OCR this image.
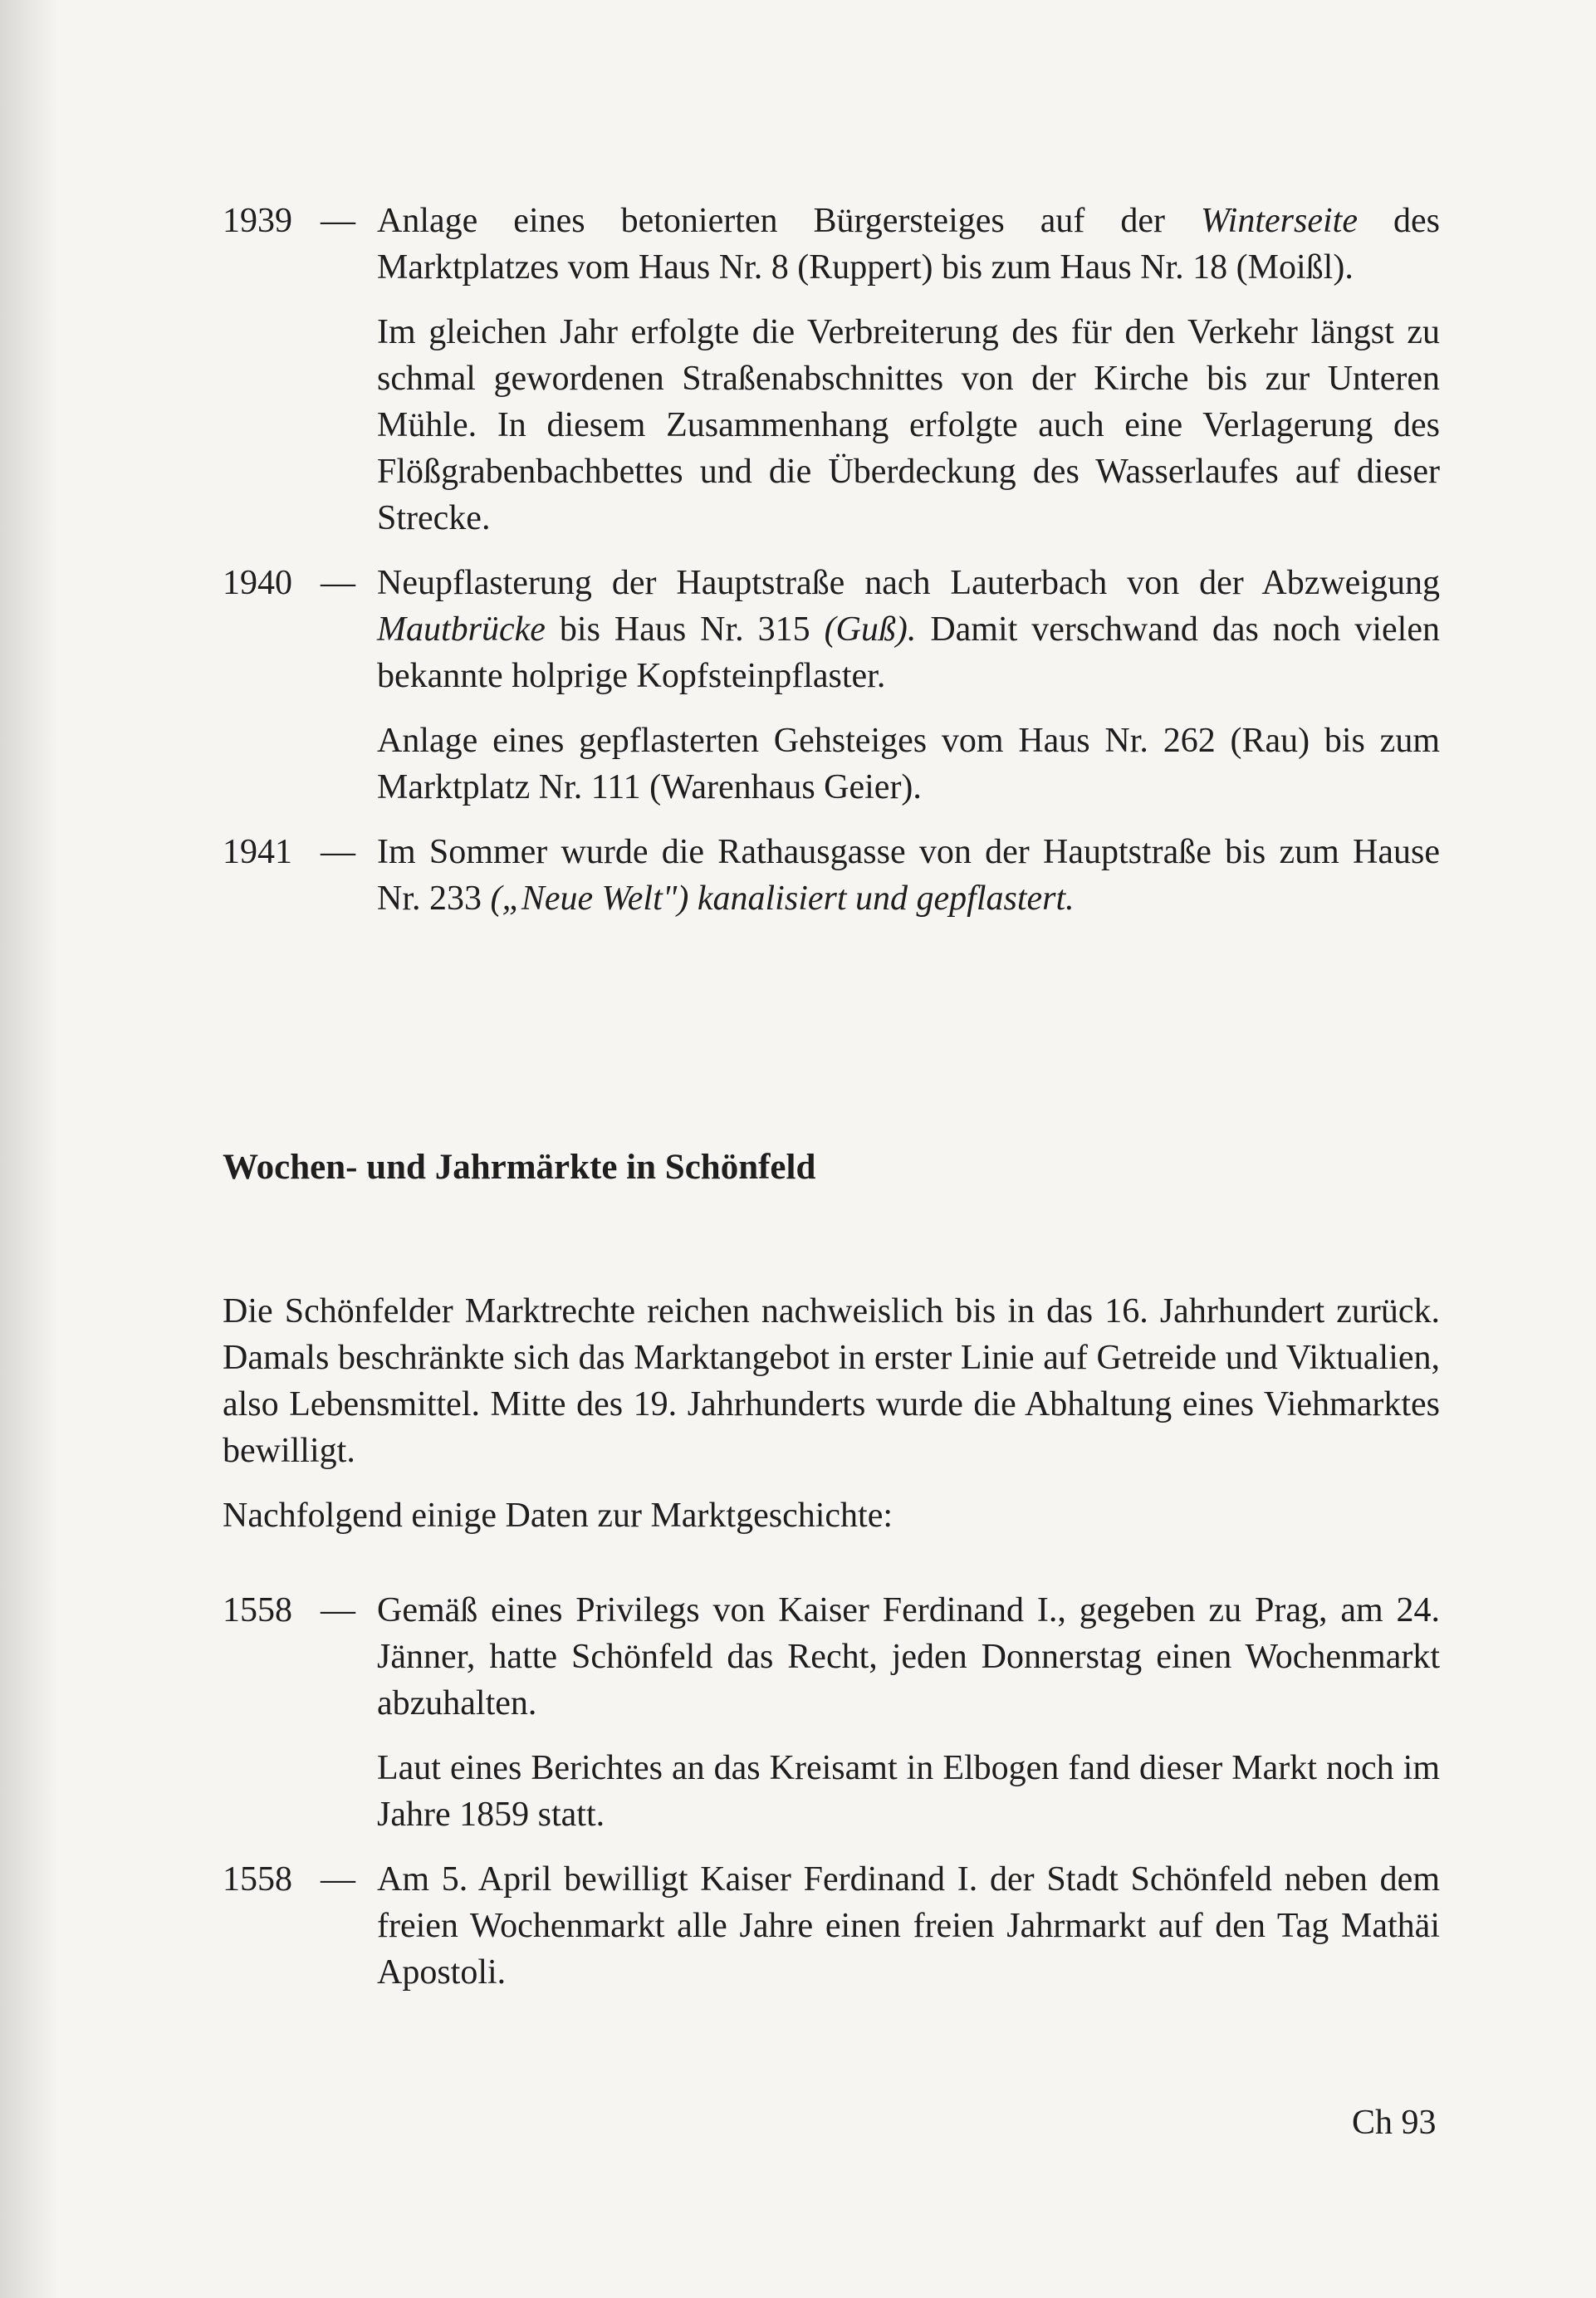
1939 — Anlage eines betonierten Bürgersteiges auf der Winterseite des Marktplatzes vom Haus Nr. 8 (Ruppert) bis zum Haus Nr. 18 (Moißl).

Im gleichen Jahr erfolgte die Verbreiterung des für den Verkehr längst zu schmal gewordenen Straßenabschnittes von der Kirche bis zur Unteren Mühle. In diesem Zusammenhang erfolgte auch eine Verlagerung des Flößgrabenbachbettes und die Überdeckung des Wasserlaufes auf dieser Strecke.

1940 — Neupflasterung der Hauptstraße nach Lauterbach von der Abzweigung Mautbrücke bis Haus Nr. 315 (Guß). Damit verschwand das noch vielen bekannte holprige Kopfsteinpflaster.

Anlage eines gepflasterten Gehsteiges vom Haus Nr. 262 (Rau) bis zum Marktplatz Nr. 111 (Warenhaus Geier).

1941 — Im Sommer wurde die Rathausgasse von der Hauptstraße bis zum Hause Nr. 233 („Neue Welt") kanalisiert und gepflastert.

Wochen- und Jahrmärkte in Schönfeld

Die Schönfelder Marktrechte reichen nachweislich bis in das 16. Jahrhundert zurück. Damals beschränkte sich das Marktangebot in erster Linie auf Getreide und Viktualien, also Lebensmittel. Mitte des 19. Jahrhunderts wurde die Abhaltung eines Viehmarktes bewilligt.

Nachfolgend einige Daten zur Marktgeschichte:

1558 — Gemäß eines Privilegs von Kaiser Ferdinand I., gegeben zu Prag, am 24. Jänner, hatte Schönfeld das Recht, jeden Donnerstag einen Wochenmarkt abzuhalten.

Laut eines Berichtes an das Kreisamt in Elbogen fand dieser Markt noch im Jahre 1859 statt.

1558 — Am 5. April bewilligt Kaiser Ferdinand I. der Stadt Schönfeld neben dem freien Wochenmarkt alle Jahre einen freien Jahrmarkt auf den Tag Mathäi Apostoli.

Ch 93
